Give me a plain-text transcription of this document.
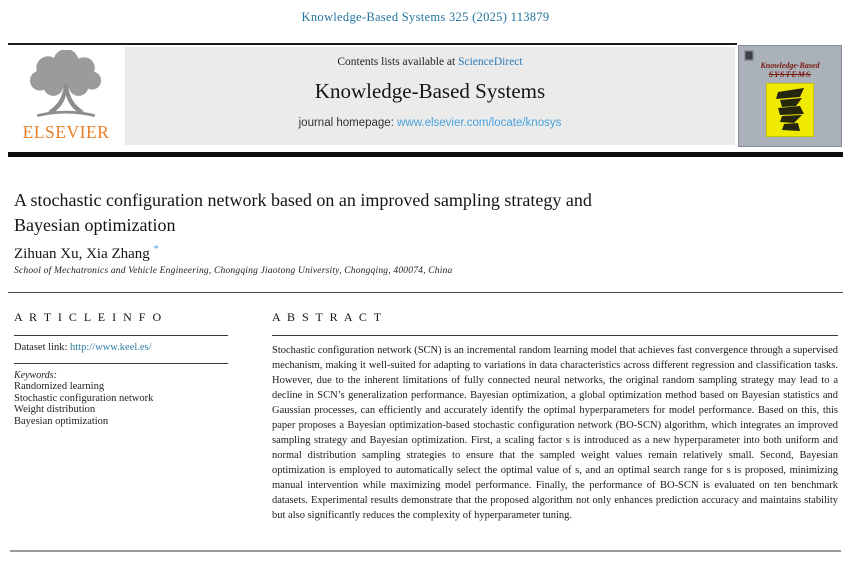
Knowledge-Based Systems 325 (2025) 113879
ELSEVIER
Contents lists available at ScienceDirect
Knowledge-Based Systems
journal homepage: www.elsevier.com/locate/knosys
Knowledge-Based
SYSTEMS
A stochastic configuration network based on an improved sampling strategy and Bayesian optimization
Zihuan Xu, Xia Zhang *
School of Mechatronics and Vehicle Engineering, Chongqing Jiaotong University, Chongqing, 400074, China
A R T I C L E I N F O
Dataset link: http://www.keel.es/
Keywords:
Randomized learning
Stochastic configuration network
Weight distribution
Bayesian optimization
A B S T R A C T

Stochastic configuration network (SCN) is an incremental random learning model that achieves fast convergence through a supervised mechanism, making it well-suited for adapting to variations in data characteristics across different regression and classification tasks. However, due to the inherent limitations of fully connected neural networks, the original random sampling strategy may lead to a decline in SCN’s generalization performance. Bayesian optimization, a global optimization method based on Bayesian statistics and Gaussian processes, can efficiently and accurately identify the optimal hyperparameters for model performance. Based on this, this paper proposes a Bayesian optimization-based stochastic configuration network (BO-SCN) algorithm, which integrates an improved sampling strategy and Bayesian optimization. First, a scaling factor s is introduced as a new hyperparameter into both uniform and normal distribution sampling strategies to ensure that the sampled weight values remain relatively small. Second, Bayesian optimization is employed to automatically select the optimal value of s, and an optimal search range for s is proposed, minimizing manual intervention while maximizing model performance. Finally, the performance of BO-SCN is evaluated on ten benchmark datasets. Experimental results demonstrate that the proposed algorithm not only enhances prediction accuracy and maintains stability but also significantly reduces the complexity of hyperparameter tuning.
